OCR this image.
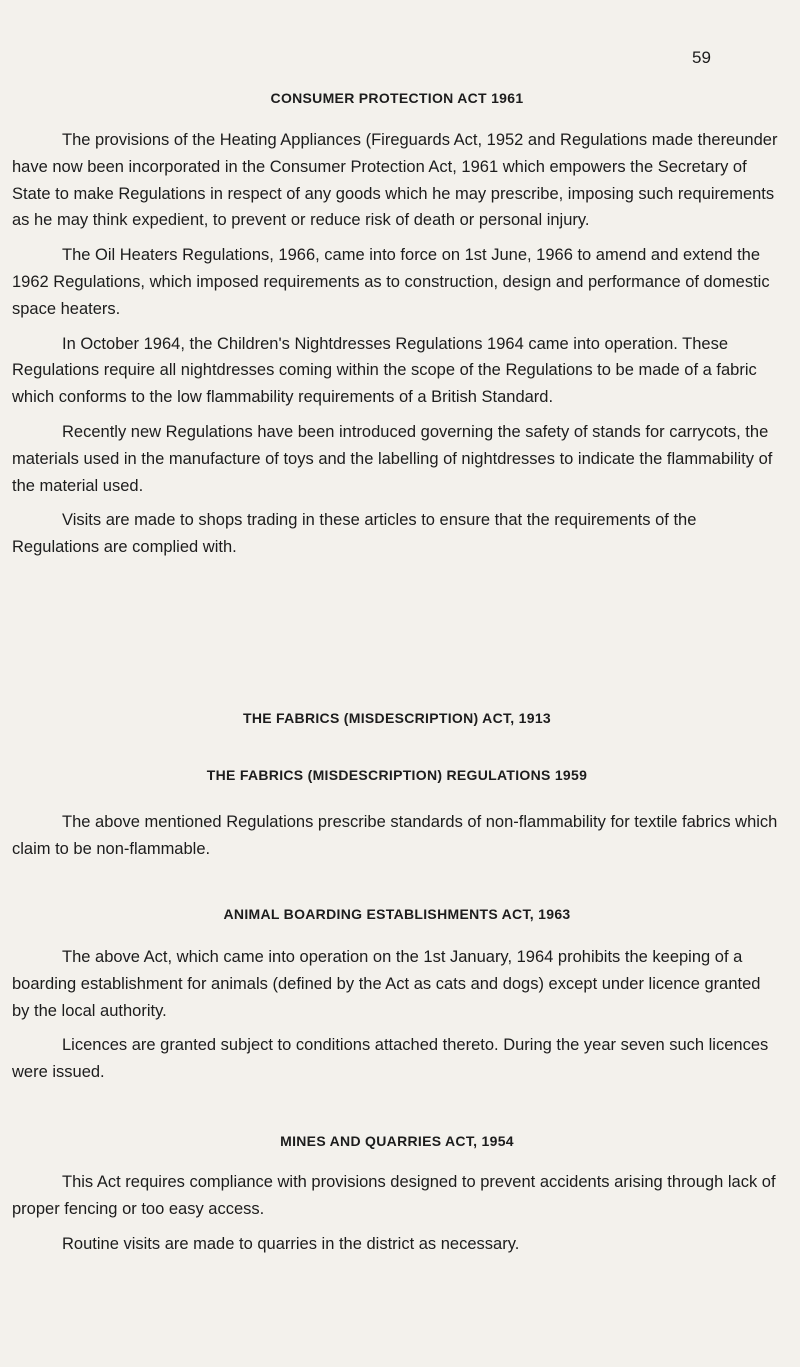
59
CONSUMER PROTECTION ACT 1961

The provisions of the Heating Appliances (Fireguards Act, 1952 and Regulations made thereunder have now been incorporated in the Consumer Protection Act, 1961 which empowers the Secretary of State to make Regulations in respect of any goods which he may prescribe, imposing such requirements as he may think expedient, to prevent or reduce risk of death or personal injury.

The Oil Heaters Regulations, 1966, came into force on 1st June, 1966 to amend and extend the 1962 Regulations, which imposed requirements as to construction, design and performance of domestic space heaters.

In October 1964, the Children's Nightdresses Regulations 1964 came into operation. These Regulations require all nightdresses coming within the scope of the Regulations to be made of a fabric which conforms to the low flammability requirements of a British Standard.

Recently new Regulations have been introduced governing the safety of stands for carrycots, the materials used in the manufacture of toys and the labelling of nightdresses to indicate the flammability of the material used.

Visits are made to shops trading in these articles to ensure that the requirements of the Regulations are complied with.

THE FABRICS (MISDESCRIPTION) ACT, 1913
THE FABRICS (MISDESCRIPTION) REGULATIONS 1959

The above mentioned Regulations prescribe standards of non-flammability for textile fabrics which claim to be non-flammable.

ANIMAL BOARDING ESTABLISHMENTS ACT, 1963

The above Act, which came into operation on the 1st January, 1964 prohibits the keeping of a boarding establishment for animals (defined by the Act as cats and dogs) except under licence granted by the local authority.

Licences are granted subject to conditions attached thereto. During the year seven such licences were issued.

MINES AND QUARRIES ACT, 1954

This Act requires compliance with provisions designed to prevent accidents arising through lack of proper fencing or too easy access.

Routine visits are made to quarries in the district as necessary.
